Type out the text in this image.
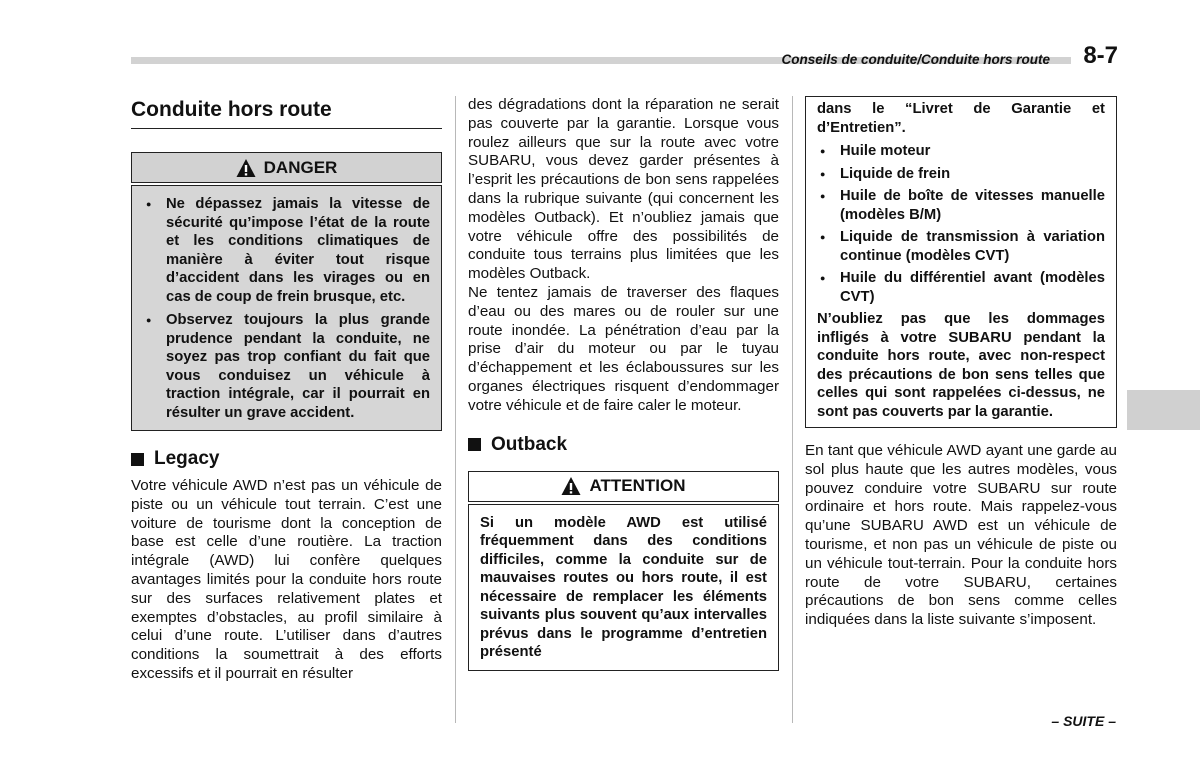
Conseils de conduite/Conduite hors route 8-7
Conduite hors route
DANGER
● Ne dépassez jamais la vitesse de sécurité qu’impose l’état de la route et les conditions climatiques de manière à éviter tout risque d’accident dans les virages ou en cas de coup de frein brusque, etc.
● Observez toujours la plus grande prudence pendant la conduite, ne soyez pas trop confiant du fait que vous conduisez un véhicule à traction intégrale, car il pourrait en résulter un grave accident.
Legacy

Votre véhicule AWD n’est pas un véhicule de piste ou un véhicule tout terrain. C’est une voiture de tourisme dont la conception de base est celle d’une routière. La traction intégrale (AWD) lui confère quelques avantages limités pour la conduite hors route sur des surfaces relativement plates et exemptes d’obstacles, au profil similaire à celui d’une route. L’utiliser dans d’autres conditions la soumettrait à des efforts excessifs et il pourrait en résulter

des dégradations dont la réparation ne serait pas couverte par la garantie. Lorsque vous roulez ailleurs que sur la route avec votre SUBARU, vous devez garder présentes à l’esprit les précautions de bon sens rappelées dans la rubrique suivante (qui concernent les modèles Outback). Et n’oubliez jamais que votre véhicule offre des possibilités de conduite tous terrains plus limitées que les modèles Outback.

Ne tentez jamais de traverser des flaques d’eau ou des mares ou de rouler sur une route inondée. La pénétration d’eau par la prise d’air du moteur ou par le tuyau d’échappement et les éclaboussures sur les organes électriques risquent d’endommager votre véhicule et de faire caler le moteur.

Outback
ATTENTION

Si un modèle AWD est utilisé fréquemment dans des conditions difficiles, comme la conduite sur de mauvaises routes ou hors route, il est nécessaire de remplacer les éléments suivants plus souvent qu’aux intervalles prévus dans le programme d’entretien présenté

dans le “Livret de Garantie et d’Entretien”.

● Huile moteur
● Liquide de frein
● Huile de boîte de vitesses manuelle (modèles B/M)
● Liquide de transmission à variation continue (modèles CVT)
● Huile du différentiel avant (modèles CVT)

N’oubliez pas que les dommages infligés à votre SUBARU pendant la conduite hors route, avec non-respect des précautions de bon sens telles que celles qui sont rappelées ci-dessus, ne sont pas couverts par la garantie.

En tant que véhicule AWD ayant une garde au sol plus haute que les autres modèles, vous pouvez conduire votre SUBARU sur route ordinaire et hors route. Mais rappelez-vous qu’une SUBARU AWD est un véhicule de tourisme, et non pas un véhicule de piste ou un véhicule tout-terrain. Pour la conduite hors route de votre SUBARU, certaines précautions de bon sens comme celles indiquées dans la liste suivante s’imposent.

– SUITE –
